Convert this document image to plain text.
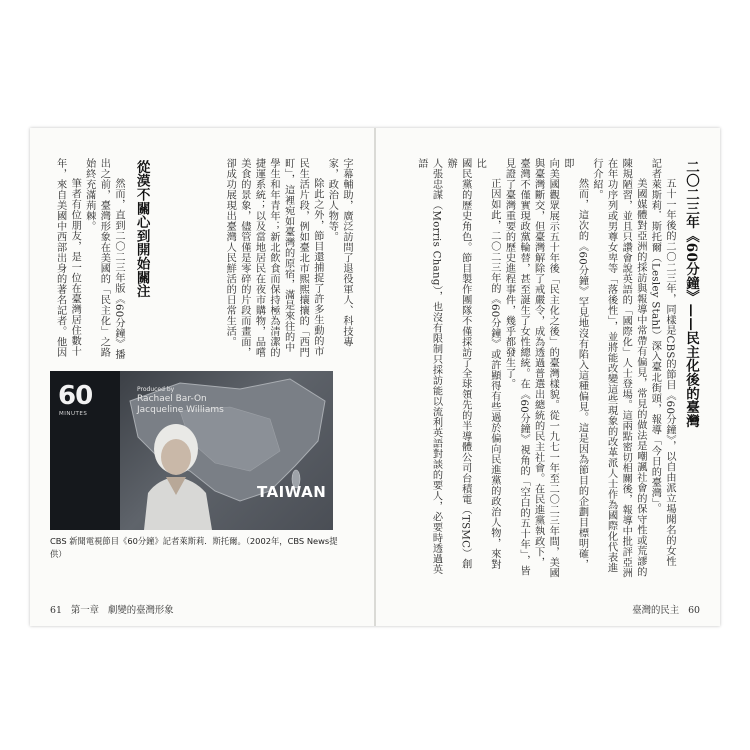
字幕輔助，廣泛訪問了退役軍人、科技專

家，政治人物等。

除此之外，節目還捕捉了許多生動的市

民生活片段，例如臺北市熙熙攘攘的「西門

町」，這裡宛如臺灣的原宿，滿是來往的中

學生和年青年；新北飲食而保持極為清潔的

捷運系統；以及當地居民在夜市購物，品嚐

美食的景象，儘管僅是零碎的片段而畫面，

卻成功展現出臺灣人民鮮活的日常生活。

從漠不關心到開始關注

然而，直到二〇二三年版《60分鐘》播

出之前，臺灣形象在美國的「民主化」之路

始終充滿荊棘。

筆者有位朋友，是一位在臺灣居住數十

年，來自美國中西部出身的著名記者。他因

60
MINUTES
Produced by
Rachael Bar-On
Jacqueline Williams
TAIWAN
CBS 新聞電視節目《60分鐘》記者萊斯莉．斯托爾。（2002年，CBS News提供）
61 第一章 劇變的臺灣形象
二〇二三年《60分鐘》——民主化後的臺灣

五十一年後的二〇二三年，同樣是CBS的節目《60分鐘》，以自由派立場聞名的女性

記者萊斯莉．斯托爾（Lesley Stahl）深入臺北街頭，報導「今日的臺灣」。

美國媒體對亞洲的採訪與報導中常帶有偏見，常見的做法是嘲諷社會的保守性或荒謬的

陳規陋習，並且只讚會說英語的「國際化」人士登場。這兩點密切相關後，報導中批評亞洲

在年功序列或男尊女卑等「落後性」，並將能改變這些現象的改革派人士作為國際化代表進

行介紹。

然而，這次的《60分鐘》罕見地沒有陷入這種偏見。這是因為節目的企劃目標明確，即

向美國觀眾展示五十年後「民主化之後」的臺灣樣貌。從一九七一年至二〇二三年間，美國

與臺灣斷交，但臺灣解除了戒嚴令，成為透過普選出總統的民主社會。在民進黨執政下，

臺灣不僅實現政黨輪替，甚至誕生了女性總統。在《60分鐘》視角的「空白的五十年」，皆

見證了臺灣重要的歷史進程事件，幾乎都發生了。

正因如此，二〇二三年的《60分鐘》或許顯得有些過於偏向民進黨的政治人物，來對比

國民黨的歷史角色。節目製作團隊不僅採訪了全球領先的半導體公司台積電（TSMC）創辦

人張忠謀（Morris Chang），也沒有限制只採訪能以流利英語對談的要人，必要時透過英語

臺灣的民主 60
